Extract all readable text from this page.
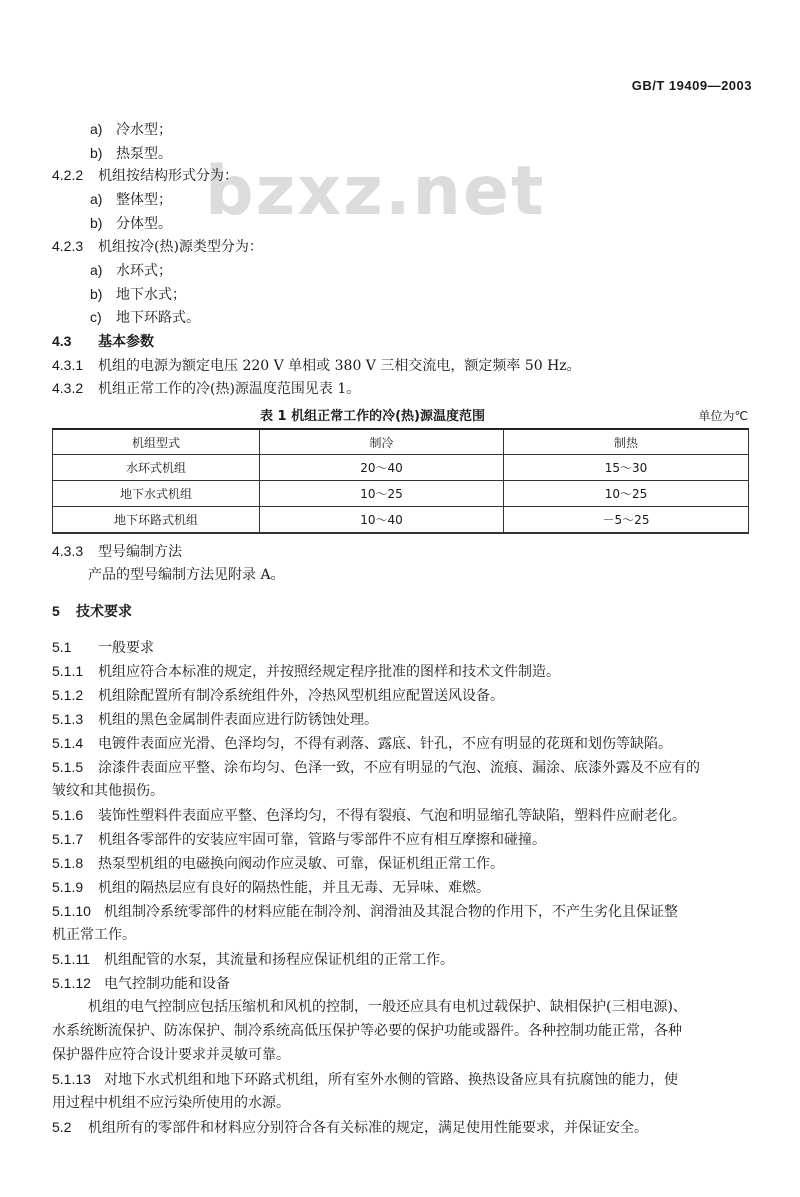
GB/T 19409—2003
bzxz.net
a) 冷水型；
b) 热泵型。
4.2.2 机组按结构形式分为：
a) 整体型；
b) 分体型。
4.2.3 机组按冷(热)源类型分为：
a) 水环式；
b) 地下水式；
c) 地下环路式。
4.3 基本参数
4.3.1 机组的电源为额定电压 220 V 单相或 380 V 三相交流电，额定频率 50 Hz。
4.3.2 机组正常工作的冷(热)源温度范围见表 1。
表 1 机组正常工作的冷(热)源温度范围	单位为℃
机组型式	制冷	制热
水环式机组	20～40	15～30
地下水式机组	10～25	10～25
地下环路式机组	10～40	－5～25
4.3.3 型号编制方法
产品的型号编制方法见附录 A。
5 技术要求
5.1 一般要求
5.1.1 机组应符合本标准的规定，并按照经规定程序批准的图样和技术文件制造。
5.1.2 机组除配置所有制冷系统组件外，冷热风型机组应配置送风设备。
5.1.3 机组的黑色金属制件表面应进行防锈蚀处理。
5.1.4 电镀件表面应光滑、色泽均匀，不得有剥落、露底、针孔，不应有明显的花斑和划伤等缺陷。
5.1.5 涂漆件表面应平整、涂布均匀、色泽一致，不应有明显的气泡、流痕、漏涂、底漆外露及不应有的
皱纹和其他损伤。
5.1.6 装饰性塑料件表面应平整、色泽均匀，不得有裂痕、气泡和明显缩孔等缺陷，塑料件应耐老化。
5.1.7 机组各零部件的安装应牢固可靠，管路与零部件不应有相互摩擦和碰撞。
5.1.8 热泵型机组的电磁换向阀动作应灵敏、可靠，保证机组正常工作。
5.1.9 机组的隔热层应有良好的隔热性能，并且无毒、无异味、难燃。
5.1.10 机组制冷系统零部件的材料应能在制冷剂、润滑油及其混合物的作用下，不产生劣化且保证整
机正常工作。
5.1.11 机组配管的水泵，其流量和扬程应保证机组的正常工作。
5.1.12 电气控制功能和设备
机组的电气控制应包括压缩机和风机的控制，一般还应具有电机过载保护、缺相保护(三相电源)、
水系统断流保护、防冻保护、制冷系统高低压保护等必要的保护功能或器件。各种控制功能正常，各种
保护器件应符合设计要求并灵敏可靠。
5.1.13 对地下水式机组和地下环路式机组，所有室外水侧的管路、换热设备应具有抗腐蚀的能力，使
用过程中机组不应污染所使用的水源。
5.2 机组所有的零部件和材料应分别符合各有关标准的规定，满足使用性能要求，并保证安全。
